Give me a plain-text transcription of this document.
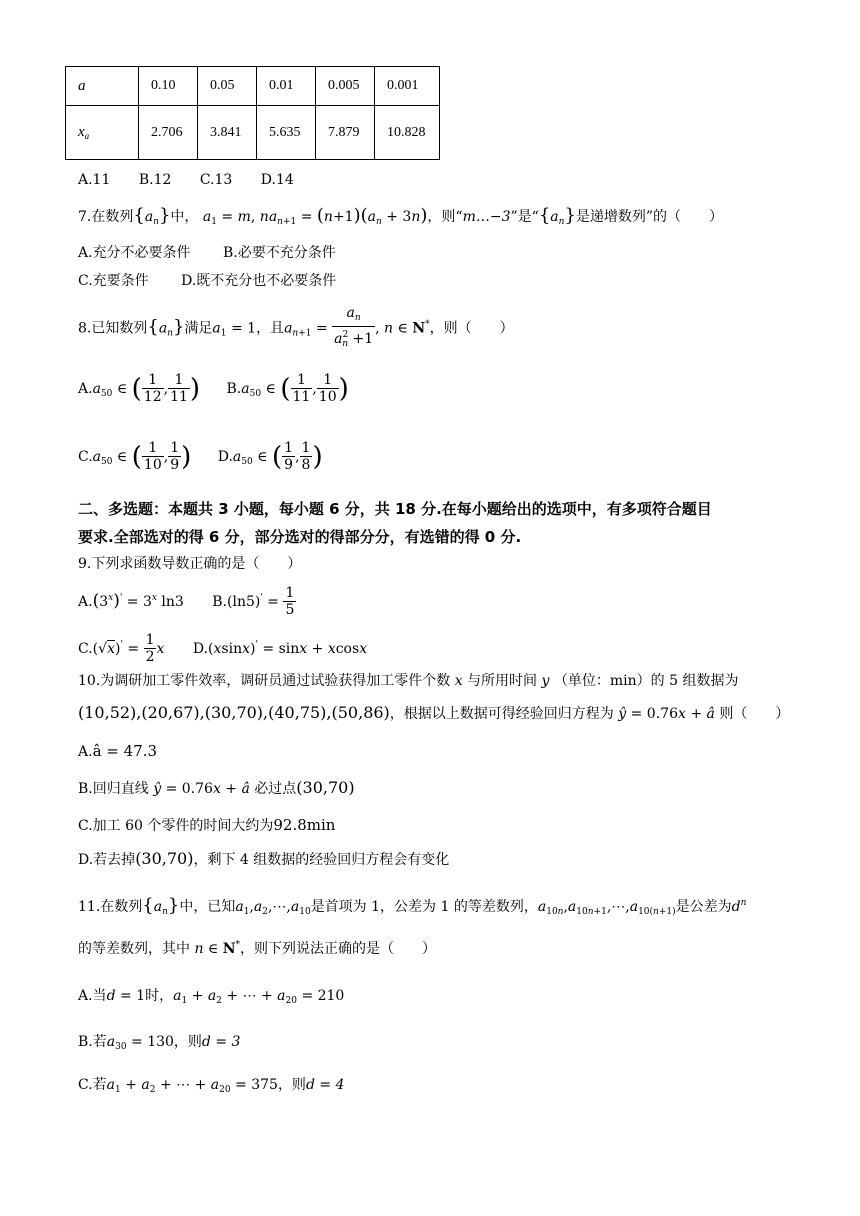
a	0.10	0.05	0.01	0.005	0.001
$x_a$	2.706	3.841	5.635	7.879	10.828
A.11 B.12 C.13 D.14
7.在数列$\{a_n\}$中， $a_1 = m$, $na_{n+1} = (n+1)(a_n + 3n)$，则“m…−3”是“$\{a_n\}$是递增数列”的（　　）
A.充分不必要条件 B.必要不充分条件
C.充要条件 D.既不充分也不必要条件
8.已知数列$\{a_n\}$满足$a_1 = 1$，且$a_{n+1} = \frac{a_n}{a^2_n +1}$ , n ∈ N*，则（　　）
$A.a_{50}$ ∈ ( $\frac{1}{12}$ , $\frac{1}{11}$ ) $B.a_{50}$ ∈ ( $\frac{1}{11}$ , $\frac{1}{10}$ )
$C.a_{50}$ ∈ ( $\frac{1}{10}$ , $\frac{1}{9}$ ) $D.a_{50}$ ∈ ( $\frac{1}{9}$ , $\frac{1}{8}$ )
二、多选题：本题共 3 小题，每小题 6 分，共 18 分.在每小题给出的选项中，有多项符合题目
要求.全部选对的得 6 分，部分选对的得部分分，有选错的得 0 分.
9.下列求函数导数正确的是（　　）
$A.(3^x)' = 3^x$ ln3 $B.(\ln 5)' = \frac{1}{5}$
$C.(√x)' = \frac{1}{2}$ x D.(xsinx)' = sinx + xcosx
10.为调研加工零件效率，调研员通过试验获得加工零件个数 x 与所用时间 y （单位：min）的 5 组数据为
(10,52),(20,67),(30,70),(40,75),(50,86)，根据以上数据可得经验回归方程为 ŷ = 0.76x + â 则（　　）
A.â = 47.3
B.回归直线 ŷ = 0.76x + â 必过点(30,70)
C.加工 60 个零件的时间大约为92.8min
D.若去掉(30,70)，剩下 4 组数据的经验回归方程会有变化
11.在数列$\{a_n\}$中，已知$a_1,a_2,\cdots,a_{10}$是首项为 1，公差为 1 的等差数列，$a_{10n},a_{10n+1},\cdots,a_{10(n+1)}$是公差为$d^n$
的等差数列，其中 n ∈ N*，则下列说法正确的是（　　）
A.当d = 1时，$a_1 + a_2$ + ⋯ + $a_{20} = 210$
B.若$a_{30} = 130$，则d = 3
C.若$a_1 + a_2$ + ⋯ + $a_{20} = 375$，则d = 4
